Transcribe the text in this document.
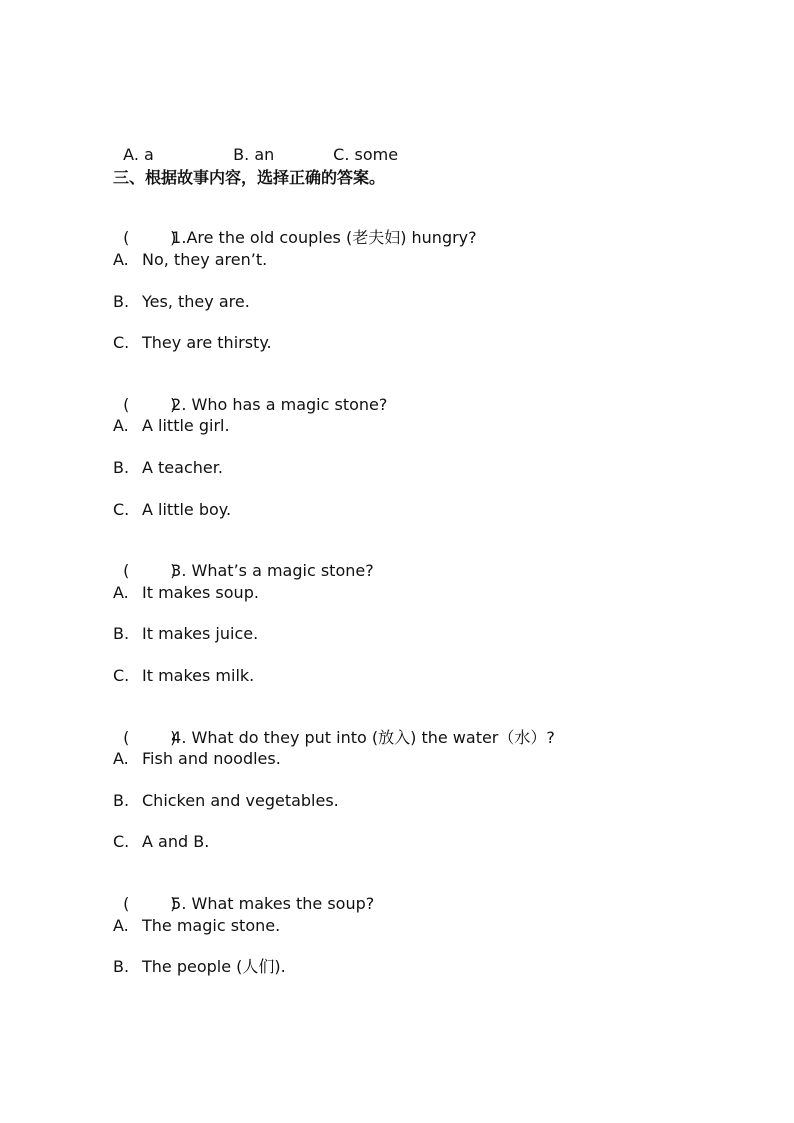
A. a	B. an	C. some

三、根据故事内容，选择正确的答案。

(        )1.Are the old couples (老夫妇) hungry?

A. No, they aren’t.
B. Yes, they are.
C. They are thirsty.

(        )2. Who has a magic stone?

A. A little girl.
B. A teacher.
C. A little boy.

(        )3. What’s a magic stone?

A. It makes soup.
B. It makes juice.
C. It makes milk.

(        )4. What do they put into (放入) the water（水）?

A. Fish and noodles.
B. Chicken and vegetables.
C. A and B.

(        )5. What makes the soup?

A. The magic stone.
B. The people (人们).
